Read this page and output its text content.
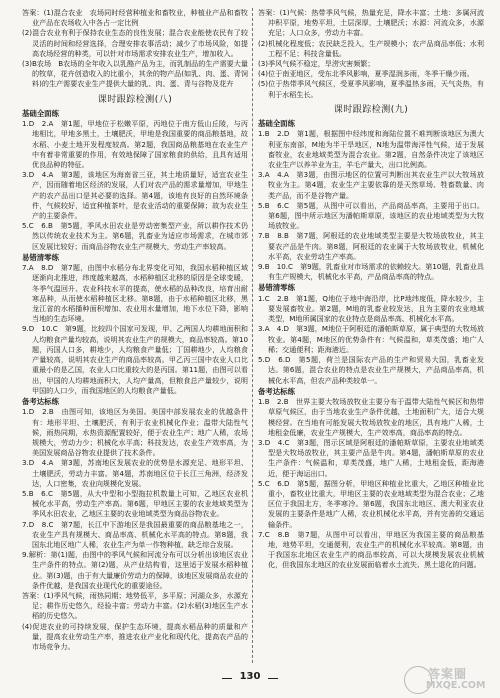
答案：(1)混合农业　农场同时经营种植业和畜牧业，种植业产品和畜牧业产品在农场收入中各占一定比例

(2)混合农业有利于保持农业生态的良性发展；混合农业能使农民有了较灵活的时间和经营选择，合理安排农事活动；减少了市场风险，如提高农场经营的种类，可以针对市场需求安排农业生产，增加收入。

(3)B农场　B农场的全年收入以乳酪产品为主，而乳制品的生产需要大量的牧草，花卉创造收入的比重小，其余的物产品(如乳、肉、蛋、青饲料)的生产需要农业生产提供大量的乳、肉、蛋、青与谷物及花卉

课时跟踪检测(八)

基础全面练

1.D　2.A　第1题，甲地位于松嫩平原，丙地位于南方低山丘陵，与丙地相比，甲地多黑土，土壤肥沃，甲地是我国重要的商品粮基地，故水稻、小麦土地开发程度较高。第2题，我国商品粮基地在农业生产中有着非常重要的作用，有效地保障了国家粮食的供给，且具有适用优良品种的特征。

3.D　4.A　第3题，该地区为海南省三亚，其土地质量好，适宜农业生产，因而随着地区经济的发展，人们对农产品的需求量增加，甲地生产的农产品出口是其必要的选择。第4题，该地有良好的自然环境条件，气候较好，适宜种植茶叶，是农业活动的重要保障；故为农业生产的主要条件。

5.C　6.B　第5题，季风水田农业是劳动密集型产业，所以耕作技术仍然以传统农业技术为主。第6题，乳畜业为适应市场需求，在城市郊区发展比较好；而商品谷物农业生产规模大，劳动生产率较高。

易错清零练

7.A　8.D　第7题，由图中水稻分布北界变化可知，我国水稻种植区域逐渐向北推进，纬度越来越高，水稻种植区北移的原因是全球变暖，冬季气温回升、农业科技水平的提高，使水稻的品种改良，培育出耐寒品种，从而使水稻种植区北移。第8题，由于水稻种植区北移，黑龙江省的水稻播种面积增加、农业用水量增加，地下水位下降，影响当地的生态环境。

9.D　10.C　第9题，比较四个国家可发现，甲、乙两国人均耕地面积和人均粮食产量均较高，说明其农业生产的规模大，商品率较高。第10题，丙国人口多，耕地少，人均粮食产量低；丁国耕地少，人均粮食产量较高，说明其农业生产的商品率较高。甲乙丙三国中农业人口比重最小的是乙国，农业人口比重较大的是丙国。第11题，由图可以看出，甲国的人均耕地面积大，人均产量高，但粮食总产量较少，说明甲国的人口少，而我国地区的人均粮食产量低。

备考达标练

1.D　2.B　由图可知，该地区为美国。美国中部发展农业的优越条件有：地形平坦、土壤肥沃，有利于农业机械化作业；温带大陆性气候，雨热同期，水热资源配置较好，便于农业生产；地广人稀，农场规模大，劳动力少；机械化水平高；科技发达，农业生产效率高，为美国发展商品谷物农业提供了技术条件。

3.D　4.A　第3题，苏南地区发展农业的优势是水源充足、地形平坦、土壤肥沃，劳动力丰富。第4题，苏南地区位于长江三角洲，经济发达，人口密集，农业向规模化发展。

5.B　6.C　第5题，从大中型和小型拖拉机数量上可知，乙地区农业机械化水平高，劳动生产率高。第6题，甲地区主要的农业地域类型为季风水田农业，乙地区主要的农业地域类型为商品谷物农业。

7.D　8.C　第7题，长江中下游地区是我国最重要的商品粮基地之一，农业生产具有规模大、商品率高、机械化水平高的特点。第8题，我国东北地区地广人稀，农业生产为单一作物种植，缺乏综合发展。

9.解析：第(1)题，由图中的季风气候和河流分布可以分析出该地区农业生产条件的特点。第(2)题，从产业结构看，这里适于发展水稻种植业。第(3)题，由于有大量廉价劳动力的保障，该地区发展商品农业的条件优越，是我国农业现代化的重要途径。

答案：(1)季风气候，雨热同期；地势低平，多平原；河湖众多，水源充足；耕作历史悠久，经验丰富；劳动力丰富。(2)水稻(3)地区生产水稻的历史悠久。

(4)促进农业的可持续发展，保护生态环境，提高水稻品种的质量和产量，提高农业劳动生产率，推进农业产业化和现代化，提高农产品的市场竞争力。

答案：(1)气候：热带季风气候，热量充足，降水丰富；土地：多属河流冲积平原，地势平坦，土层深厚，土壤肥沃；水源：河流众多，水源充足；人口众多，劳动力丰富。

(2)机械化程度低；农民缺乏投入，生产规模小；农产品商品率低；水利工程不足；科技含量低。

(3)季风气候不稳定，旱涝灾害频繁；

(4)位于南亚地区，受东北季风影响，夏季湿润多雨，冬季干燥少雨。

(5)位于热带季风气候区，受夏季风影响，夏季温热多雨，天气炎热，有利于水稻生长。

课时跟踪检测(九)

基础全面练

1.B　2.D　第1题，根据图中经纬度和海陆位置不难判断该地区为澳大利亚东南部，M地为半干旱地区，N地为温带海洋性气候，适于发展畜牧业，农业地域类型为混合农业。第2题，自然条件决定了该地区农业生产以养羊业为主，羊毛产量大，出口比例高。

3.A　4.A　第3题，由图示地区的位置可判断出其农业生产以大牧场放牧业为主。第4题，农业生产主要依靠的是天然草场、牲畜数量、肉类产品，而不是谷物产量。

5.B　6.C　第5题，从图中可以看出，产品商品率高，主要用于出口。第6题，图中所示地区为潘帕斯草原，该地区的农业地域类型为大牧场放牧业。

7.B　8.B　第7题，阿根廷的农业地域类型主要是大牧场放牧业，其主要农产品是牛肉。第8题，阿根廷的农业属于大牧场放牧业，机械化水平高，农业劳动生产率高。

9.B　10.C　第9题，乳畜业对市场需求的依赖较大。第10题，乳畜业具有生产规模大，机械化水平高，产品商品率高的特点。

易错清零练

1.C　2.B　第1题，Q地位于地中海沿岸，比P地纬度低，降水较少，主要发展畜牧业。第2题，M地的乳畜业较发达，且为主要的农业地域类型，M地所属国家的农业特点是商品率高、机械化水平高。

3.A　4.D　第3题，M地位于阿根廷的潘帕斯草原，属于典型的大牧场放牧业。第4题，M地区的优势条件有：气候温和，草类茂盛；地广人稀；交通便利；距海港近。

5.D　6.D　第5题，荷兰是国际农产品的生产和贸易大国，乳畜业发达。第6题，混合农业的特点是农业生产规模大，产品商品率高，机械化水平高，但农产品种类较单一。

备考达标练

1.B　2.B　世界主要大牧场放牧业主要分布于温带大陆性气候区和热带草原气候区，由于当地农业生产条件优越，土地面积广大，适合大规模经营。在当地有可能发展大牧场放牧业的地区，具有地广人稀，土地租金低廉，农业生产规模大，生产效率高，商品率高的特点。

3.D　4.C　第3题，图示区域是阿根廷的潘帕斯草原，主要农业地域类型是大牧场放牧业，其主要产品是牛肉。第4题，潘帕斯草原的农业生产条件：气候温和，草类茂盛，地广人稀，土地租金低，距海港近，便于海运出口。

5.C　6.D　第5题，据图分析，甲地区种植业比重大，乙地区种植业比重小，畜牧业比重大，甲地区主要的农业地域类型为混合农业；乙地区位于我国北方，冬季寒冷。第6题，我国东北地区、澳大利亚农业发展的主要条件是地广人稀，农业机械化水平高，并有完善的交通运输条件。

7.C　8.B　第7题，从图中可以看出，甲地区为我国主要的商品粮基地，地势平坦，交通便利，农业生产的机械化水平较高。第8题，由于我国东北地区农业生产的商品率较高，可以大规模发展农业机械化，但我国东北地区的农业发展面临着水土流失、黑土退化的问题。

130	答案圈
MXQE.COM
